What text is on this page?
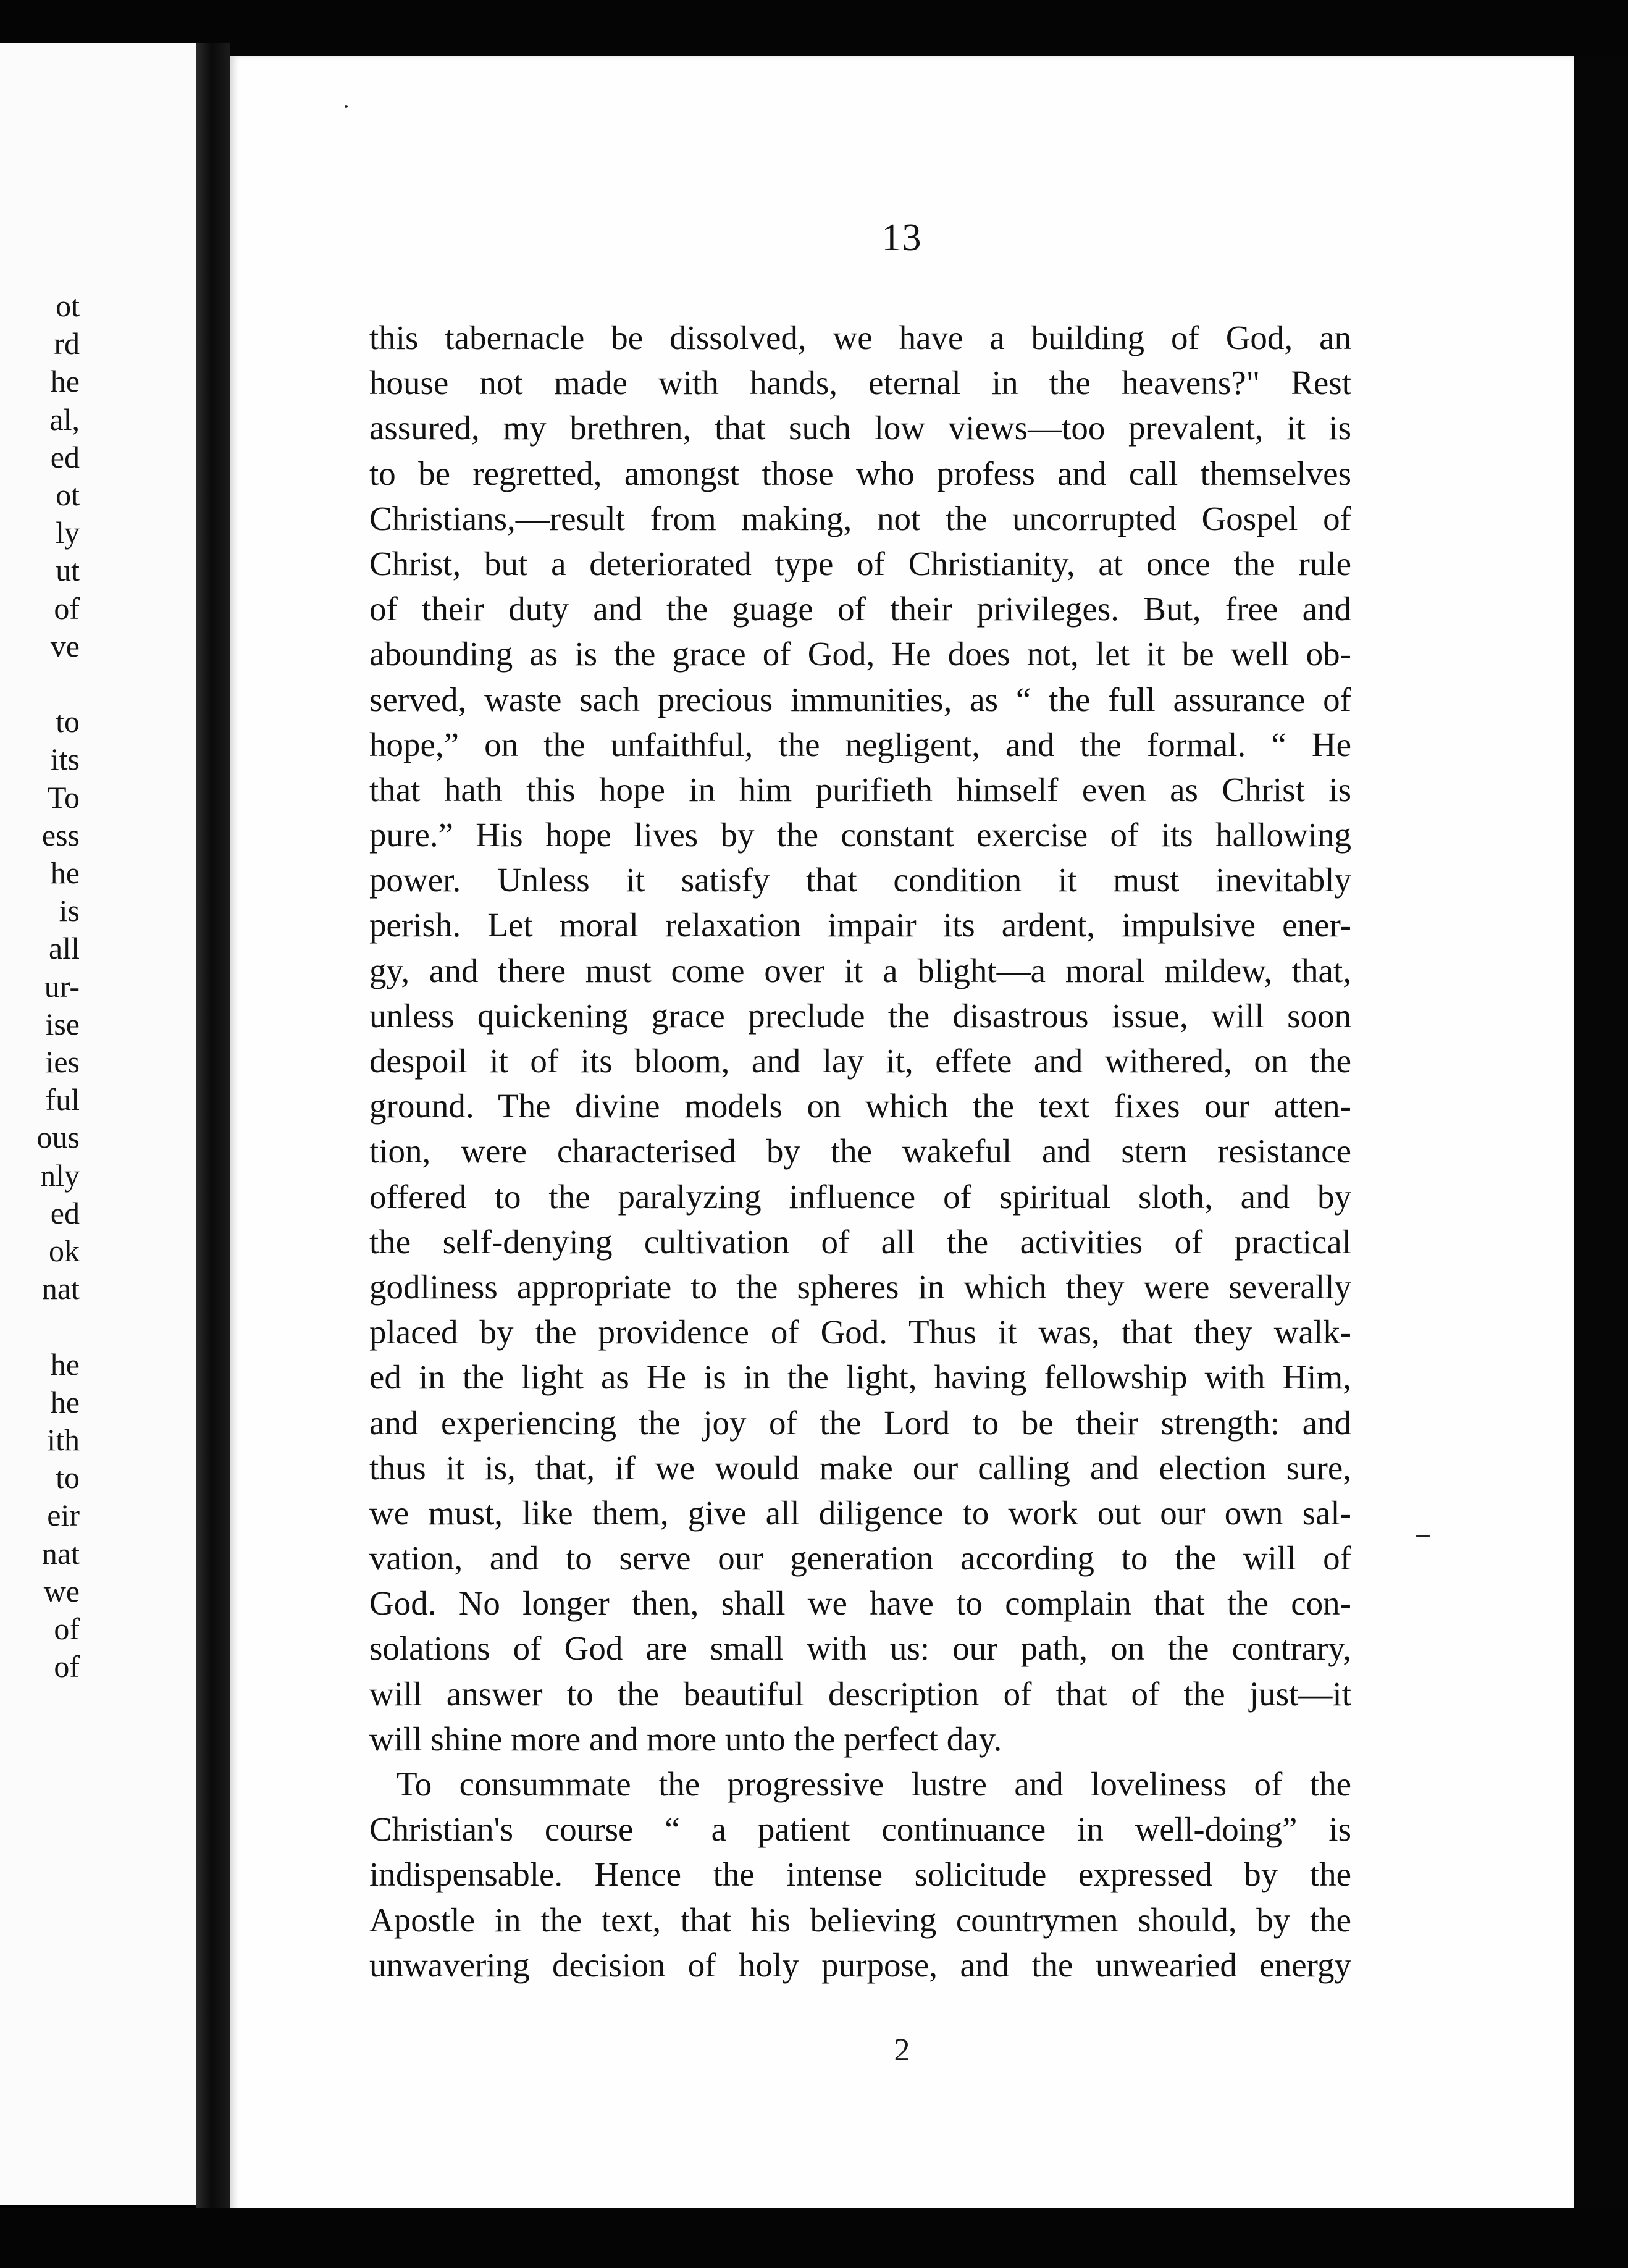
ot
rd
he
al,
ed
ot
ly
ut
of
ve
to
its
To
ess
he
is
all
ur-
ise
ies
ful
ous
nly
ed
ok
nat
he
he
ith
to
eir
nat
we
of
of
13
this tabernacle be dissolved, we have a building of God, an
house not made with hands, eternal in the heavens?" Rest
assured, my brethren, that such low views—too prevalent, it is
to be regretted, amongst those who profess and call themselves
Christians,—result from making, not the uncorrupted Gospel of
Christ, but a deteriorated type of Christianity, at once the rule
of their duty and the guage of their privileges. But, free and
abounding as is the grace of God, He does not, let it be well ob-
served, waste sach precious immunities, as “ the full assurance of
hope,” on the unfaithful, the negligent, and the formal. “ He
that hath this hope in him purifieth himself even as Christ is
pure.” His hope lives by the constant exercise of its hallowing
power. Unless it satisfy that condition it must inevitably
perish. Let moral relaxation impair its ardent, impulsive ener-
gy, and there must come over it a blight—a moral mildew, that,
unless quickening grace preclude the disastrous issue, will soon
despoil it of its bloom, and lay it, effete and withered, on the
ground. The divine models on which the text fixes our atten-
tion, were characterised by the wakeful and stern resistance
offered to the paralyzing influence of spiritual sloth, and by
the self-denying cultivation of all the activities of practical
godliness appropriate to the spheres in which they were severally
placed by the providence of God. Thus it was, that they walk-
ed in the light as He is in the light, having fellowship with Him,
and experiencing the joy of the Lord to be their strength: and
thus it is, that, if we would make our calling and election sure,
we must, like them, give all diligence to work out our own sal-
vation, and to serve our generation according to the will of
God. No longer then, shall we have to complain that the con-
solations of God are small with us: our path, on the contrary,
will answer to the beautiful description of that of the just—it
will shine more and more unto the perfect day.
To consummate the progressive lustre and loveliness of the
Christian's course “ a patient continuance in well-doing” is
indispensable. Hence the intense solicitude expressed by the
Apostle in the text, that his believing countrymen should, by the
unwavering decision of holy purpose, and the unwearied energy
2
